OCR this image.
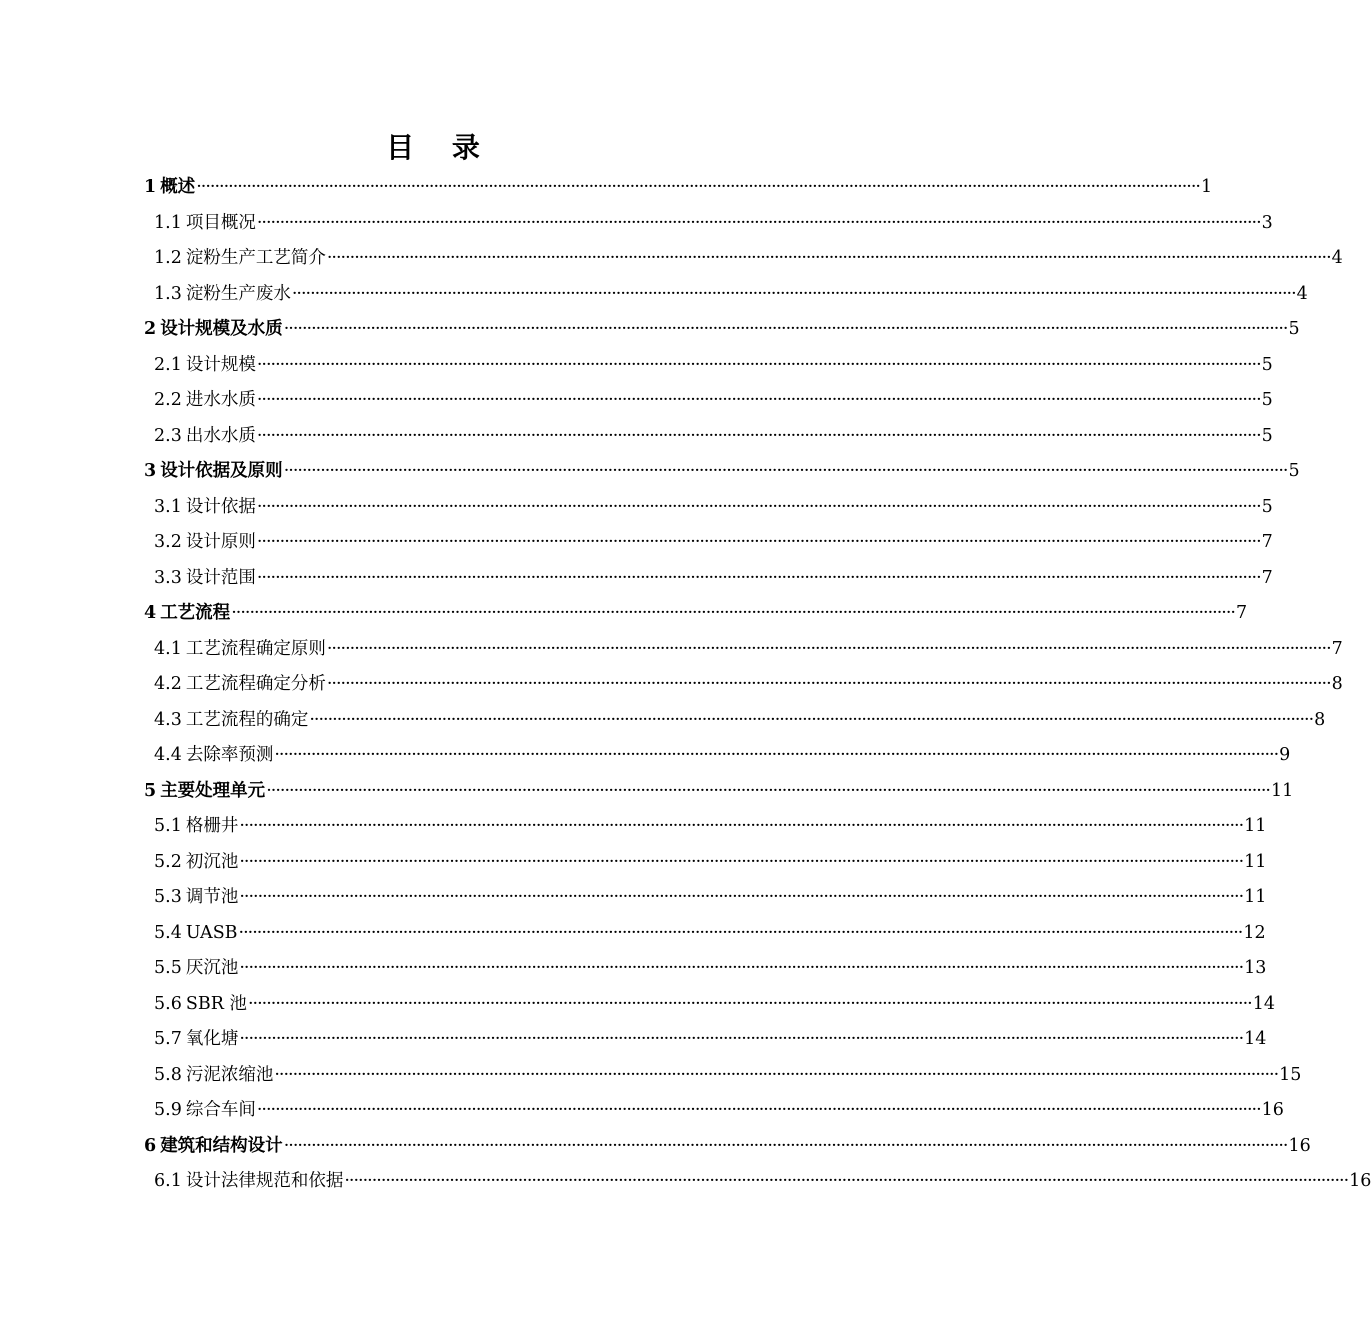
目 录
1 概述 ···························································································································································································································· 1
1.1 项目概况 ···························································································································································································································· 3
1.2 淀粉生产工艺简介 ···························································································································································································································· 4
1.3 淀粉生产废水 ···························································································································································································································· 4
2 设计规模及水质 ···························································································································································································································· 5
2.1 设计规模 ···························································································································································································································· 5
2.2 进水水质 ···························································································································································································································· 5
2.3 出水水质 ···························································································································································································································· 5
3 设计依据及原则 ···························································································································································································································· 5
3.1 设计依据 ···························································································································································································································· 5
3.2 设计原则 ···························································································································································································································· 7
3.3 设计范围 ···························································································································································································································· 7
4 工艺流程 ···························································································································································································································· 7
4.1 工艺流程确定原则 ···························································································································································································································· 7
4.2 工艺流程确定分析 ···························································································································································································································· 8
4.3 工艺流程的确定 ···························································································································································································································· 8
4.4 去除率预测 ···························································································································································································································· 9
5 主要处理单元 ···························································································································································································································· 11
5.1 格栅井 ···························································································································································································································· 11
5.2 初沉池 ···························································································································································································································· 11
5.3 调节池 ···························································································································································································································· 11
5.4 UASB ···························································································································································································································· 12
5.5 厌沉池 ···························································································································································································································· 13
5.6 SBR 池 ···························································································································································································································· 14
5.7 氧化塘 ···························································································································································································································· 14
5.8 污泥浓缩池 ···························································································································································································································· 15
5.9 综合车间 ···························································································································································································································· 16
6 建筑和结构设计 ···························································································································································································································· 16
6.1 设计法律规范和依据 ···························································································································································································································· 16
